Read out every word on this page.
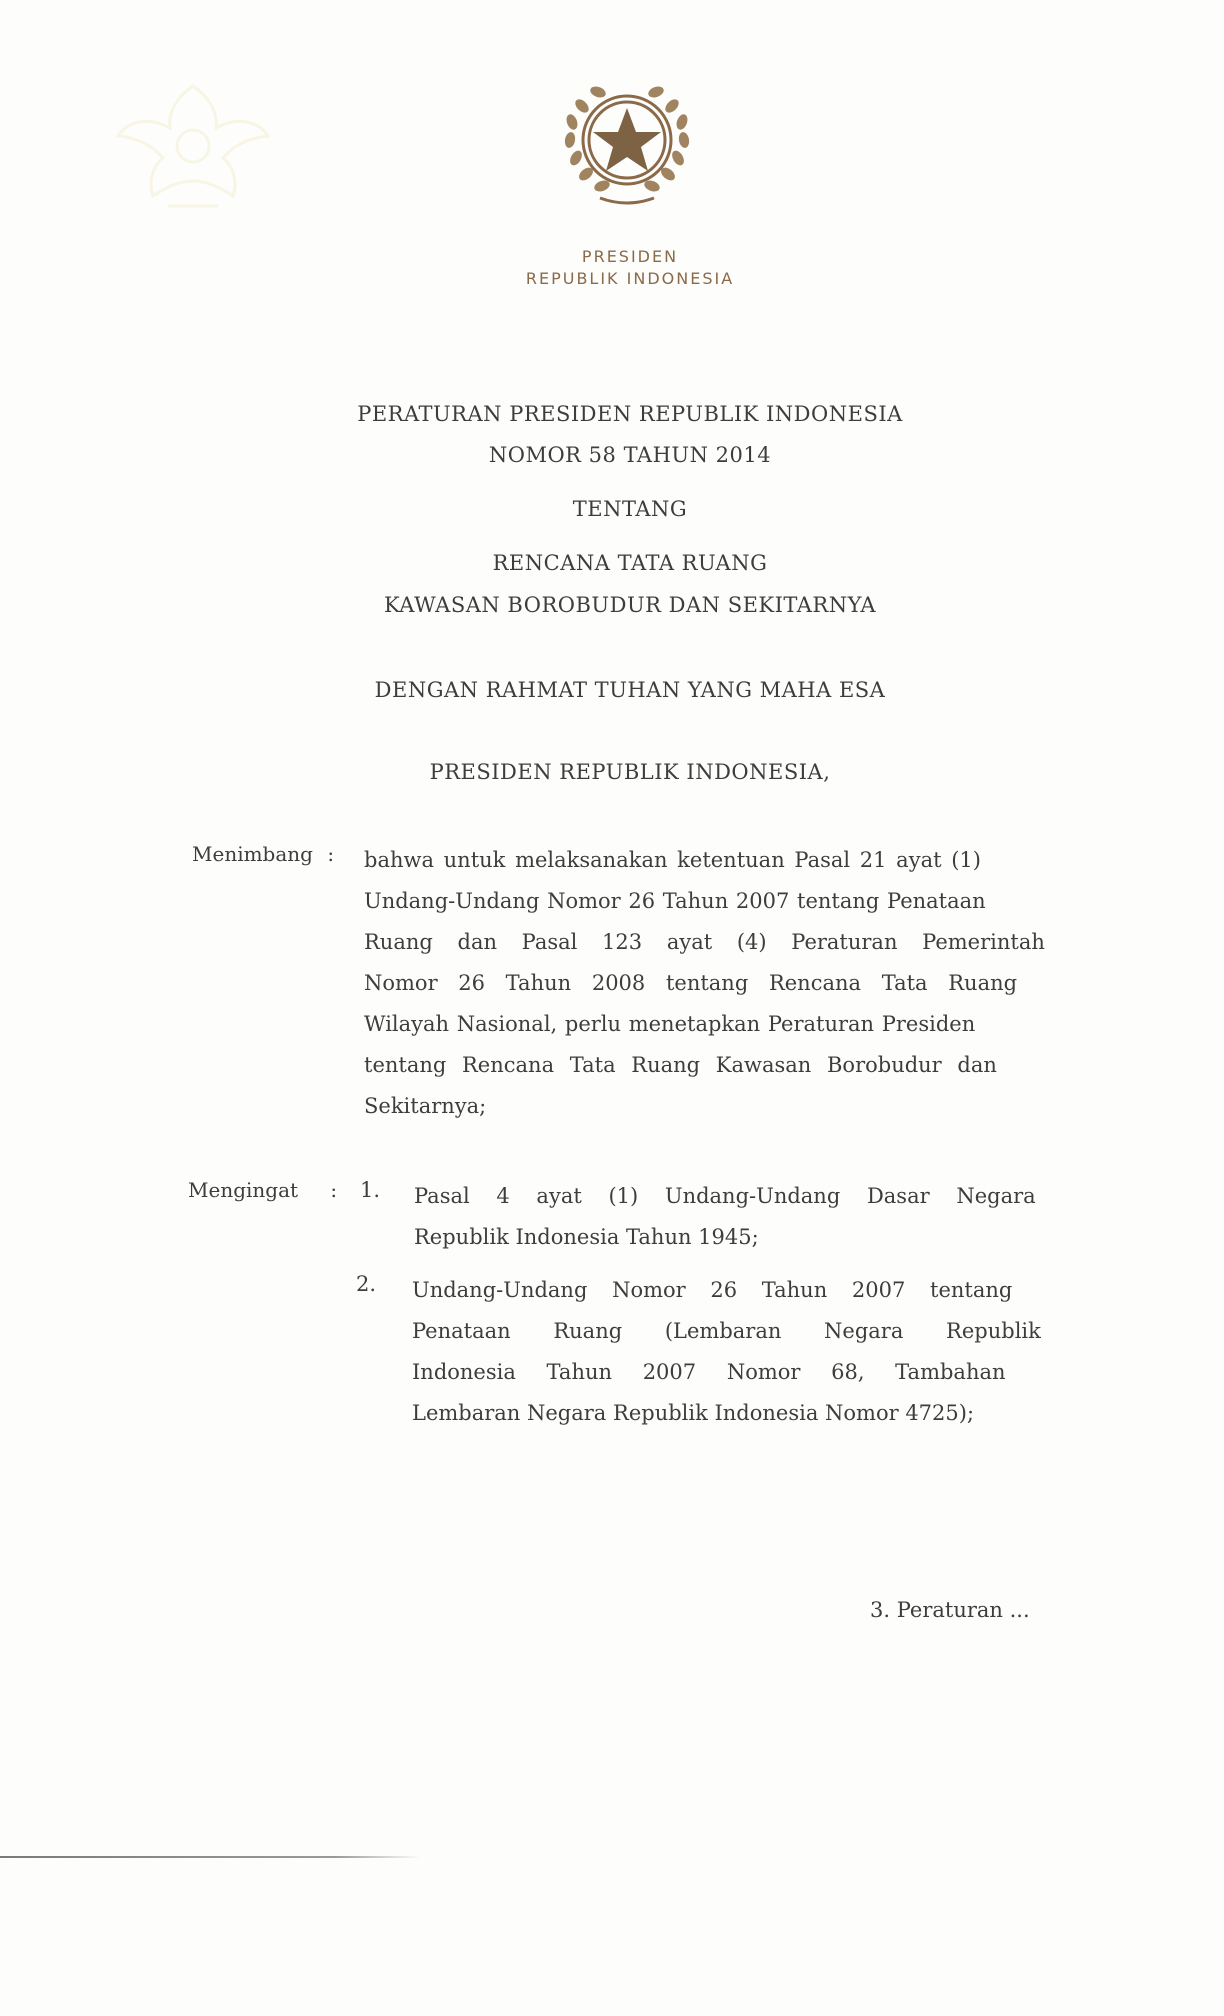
PRESIDEN
REPUBLIK INDONESIA
PERATURAN PRESIDEN REPUBLIK INDONESIA
NOMOR 58 TAHUN 2014
TENTANG
RENCANA TATA RUANG
KAWASAN BOROBUDUR DAN SEKITARNYA
DENGAN RAHMAT TUHAN YANG MAHA ESA
PRESIDEN REPUBLIK INDONESIA,
Menimbang : bahwa untuk melaksanakan ketentuan Pasal 21 ayat (1)
Undang-Undang Nomor 26 Tahun 2007 tentang Penataan
Ruang dan Pasal 123 ayat (4) Peraturan Pemerintah
Nomor 26 Tahun 2008 tentang Rencana Tata Ruang
Wilayah Nasional, perlu menetapkan Peraturan Presiden
tentang Rencana Tata Ruang Kawasan Borobudur dan
Sekitarnya;
Mengingat : 1. Pasal 4 ayat (1) Undang-Undang Dasar Negara
Republik Indonesia Tahun 1945;
2. Undang-Undang Nomor 26 Tahun 2007 tentang
Penataan Ruang (Lembaran Negara Republik
Indonesia Tahun 2007 Nomor 68, Tambahan
Lembaran Negara Republik Indonesia Nomor 4725);
3. Peraturan ...
